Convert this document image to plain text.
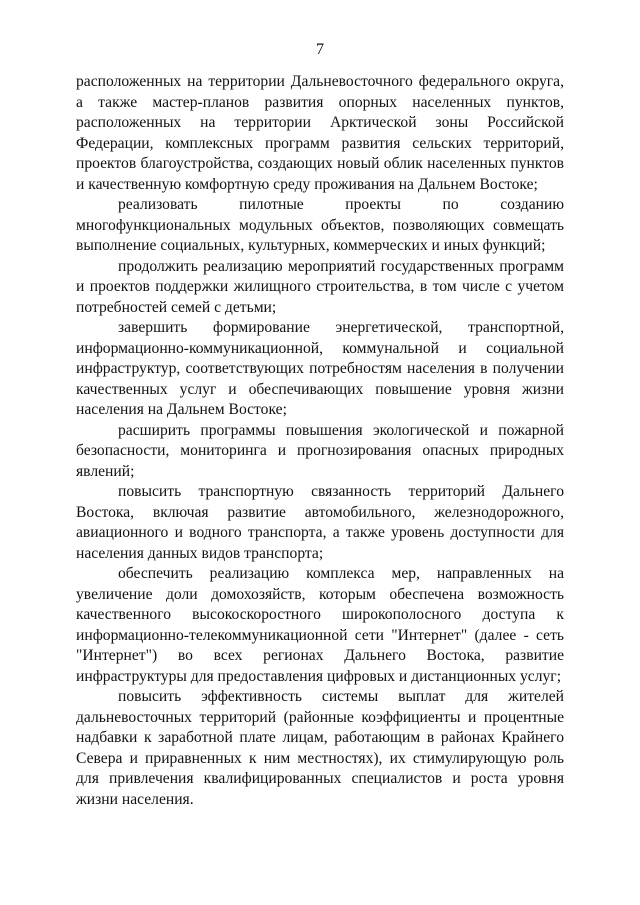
7

расположенных на территории Дальневосточного федерального округа, а также мастер-планов развития опорных населенных пунктов, расположенных на территории Арктической зоны Российской Федерации, комплексных программ развития сельских территорий, проектов благоустройства, создающих новый облик населенных пунктов и качественную комфортную среду проживания на Дальнем Востоке;

реализовать пилотные проекты по созданию многофункциональных модульных объектов, позволяющих совмещать выполнение социальных, культурных, коммерческих и иных функций;

продолжить реализацию мероприятий государственных программ и проектов поддержки жилищного строительства, в том числе с учетом потребностей семей с детьми;

завершить формирование энергетической, транспортной, информационно-коммуникационной, коммунальной и социальной инфраструктур, соответствующих потребностям населения в получении качественных услуг и обеспечивающих повышение уровня жизни населения на Дальнем Востоке;

расширить программы повышения экологической и пожарной безопасности, мониторинга и прогнозирования опасных природных явлений;

повысить транспортную связанность территорий Дальнего Востока, включая развитие автомобильного, железнодорожного, авиационного и водного транспорта, а также уровень доступности для населения данных видов транспорта;

обеспечить реализацию комплекса мер, направленных на увеличение доли домохозяйств, которым обеспечена возможность качественного высокоскоростного широкополосного доступа к информационно-телекоммуникационной сети "Интернет" (далее - сеть "Интернет") во всех регионах Дальнего Востока, развитие инфраструктуры для предоставления цифровых и дистанционных услуг;

повысить эффективность системы выплат для жителей дальневосточных территорий (районные коэффициенты и процентные надбавки к заработной плате лицам, работающим в районах Крайнего Севера и приравненных к ним местностях), их стимулирующую роль для привлечения квалифицированных специалистов и роста уровня жизни населения.
